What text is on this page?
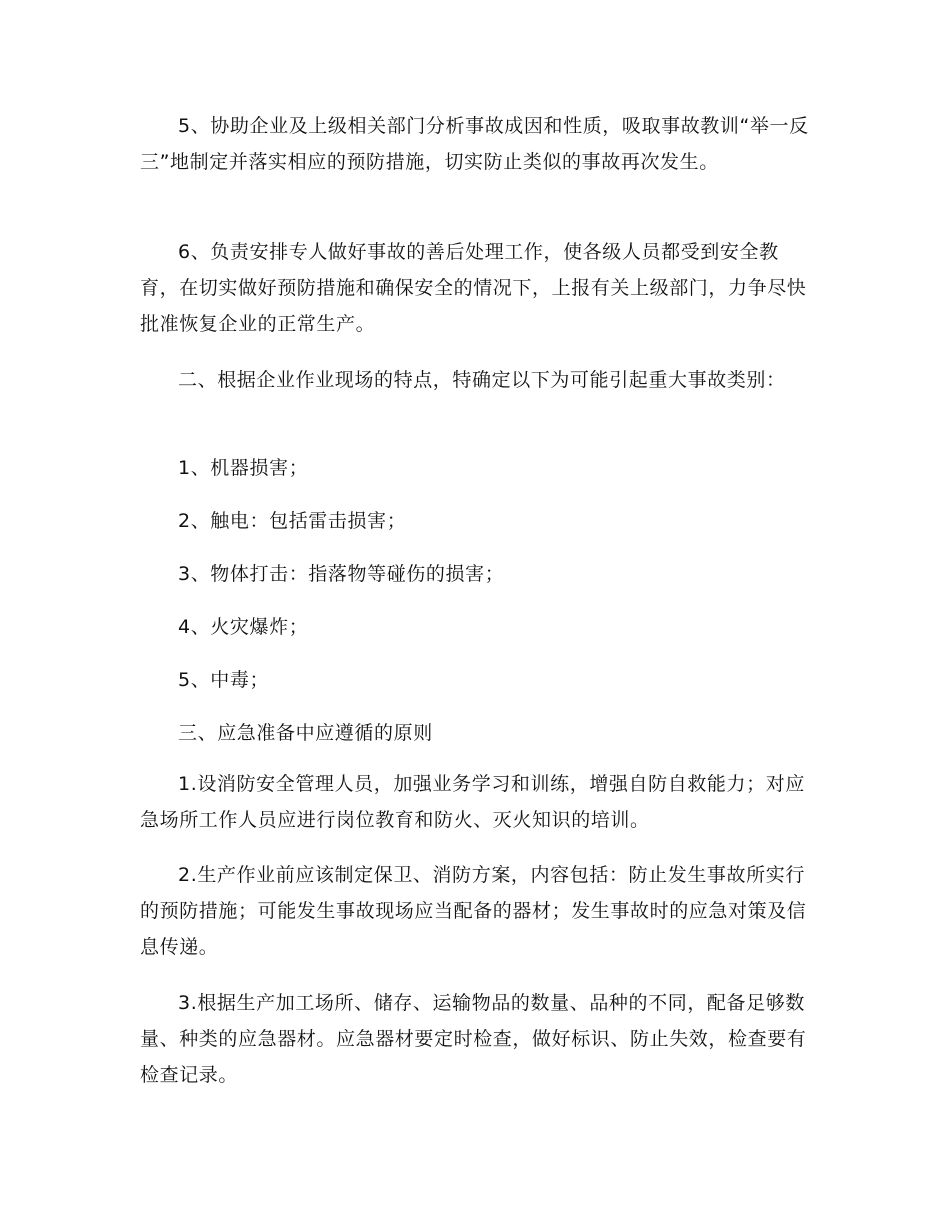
5、协助企业及上级相关部门分析事故成因和性质，吸取事故教训“举一反三”地制定并落实相应的预防措施，切实防止类似的事故再次发生。

6、负责安排专人做好事故的善后处理工作，使各级人员都受到安全教育，在切实做好预防措施和确保安全的情况下，上报有关上级部门，力争尽快批准恢复企业的正常生产。

二、根据企业作业现场的特点，特确定以下为可能引起重大事故类别：

1、机器损害；

2、触电：包括雷击损害；

3、物体打击：指落物等碰伤的损害；

4、火灾爆炸；

5、中毒；

三、应急准备中应遵循的原则

1.设消防安全管理人员，加强业务学习和训练，增强自防自救能力；对应急场所工作人员应进行岗位教育和防火、灭火知识的培训。

2.生产作业前应该制定保卫、消防方案，内容包括：防止发生事故所实行的预防措施；可能发生事故现场应当配备的器材；发生事故时的应急对策及信息传递。

3.根据生产加工场所、储存、运输物品的数量、品种的不同，配备足够数量、种类的应急器材。应急器材要定时检查，做好标识、防止失效，检查要有检查记录。
